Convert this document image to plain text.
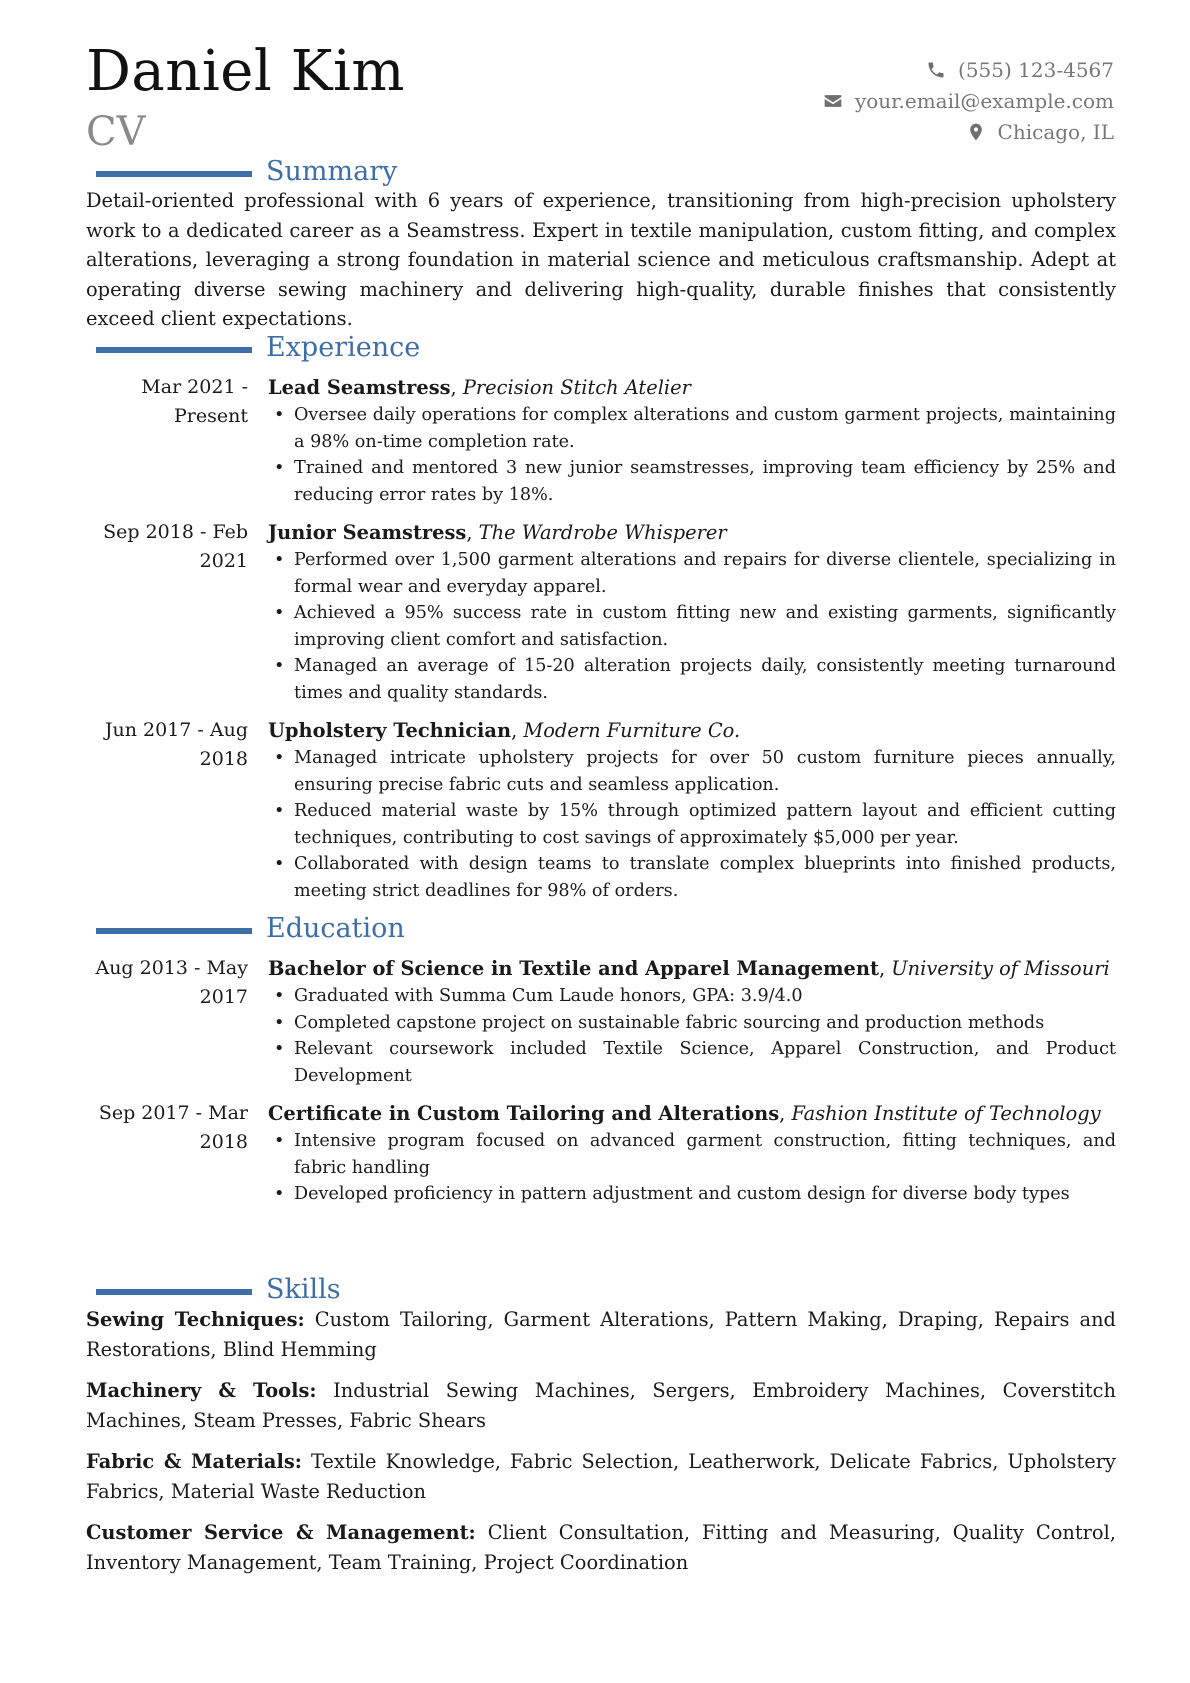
Daniel Kim
CV
(555) 123-4567
your.email@example.com
Chicago, IL
Summary
Detail-oriented professional with 6 years of experience, transitioning from high-precision upholstery work to a dedicated career as a Seamstress. Expert in textile manipulation, custom fitting, and complex alterations, leveraging a strong foundation in material science and meticulous craftsmanship. Adept at operating diverse sewing machinery and delivering high-quality, durable finishes that consistently exceed client expectations.
Experience
Mar 2021 - Present
Lead Seamstress, Precision Stitch Atelier
• Oversee daily operations for complex alterations and custom garment projects, maintaining a 98% on-time completion rate.
• Trained and mentored 3 new junior seamstresses, improving team efficiency by 25% and reducing error rates by 18%.
Sep 2018 - Feb 2021
Junior Seamstress, The Wardrobe Whisperer
• Performed over 1,500 garment alterations and repairs for diverse clientele, specializing in formal wear and everyday apparel.
• Achieved a 95% success rate in custom fitting new and existing garments, significantly improving client comfort and satisfaction.
• Managed an average of 15-20 alteration projects daily, consistently meeting turnaround times and quality standards.
Jun 2017 - Aug 2018
Upholstery Technician, Modern Furniture Co.
• Managed intricate upholstery projects for over 50 custom furniture pieces annually, ensuring precise fabric cuts and seamless application.
• Reduced material waste by 15% through optimized pattern layout and efficient cutting techniques, contributing to cost savings of approximately $5,000 per year.
• Collaborated with design teams to translate complex blueprints into finished products, meeting strict deadlines for 98% of orders.
Education
Aug 2013 - May 2017
Bachelor of Science in Textile and Apparel Management, University of Missouri
• Graduated with Summa Cum Laude honors, GPA: 3.9/4.0
• Completed capstone project on sustainable fabric sourcing and production methods
• Relevant coursework included Textile Science, Apparel Construction, and Product Development
Sep 2017 - Mar 2018
Certificate in Custom Tailoring and Alterations, Fashion Institute of Technology
• Intensive program focused on advanced garment construction, fitting techniques, and fabric handling
• Developed proficiency in pattern adjustment and custom design for diverse body types
Skills
Sewing Techniques: Custom Tailoring, Garment Alterations, Pattern Making, Draping, Repairs and Restorations, Blind Hemming
Machinery & Tools: Industrial Sewing Machines, Sergers, Embroidery Machines, Coverstitch Machines, Steam Presses, Fabric Shears
Fabric & Materials: Textile Knowledge, Fabric Selection, Leatherwork, Delicate Fabrics, Upholstery Fabrics, Material Waste Reduction
Customer Service & Management: Client Consultation, Fitting and Measuring, Quality Control, Inventory Management, Team Training, Project Coordination
